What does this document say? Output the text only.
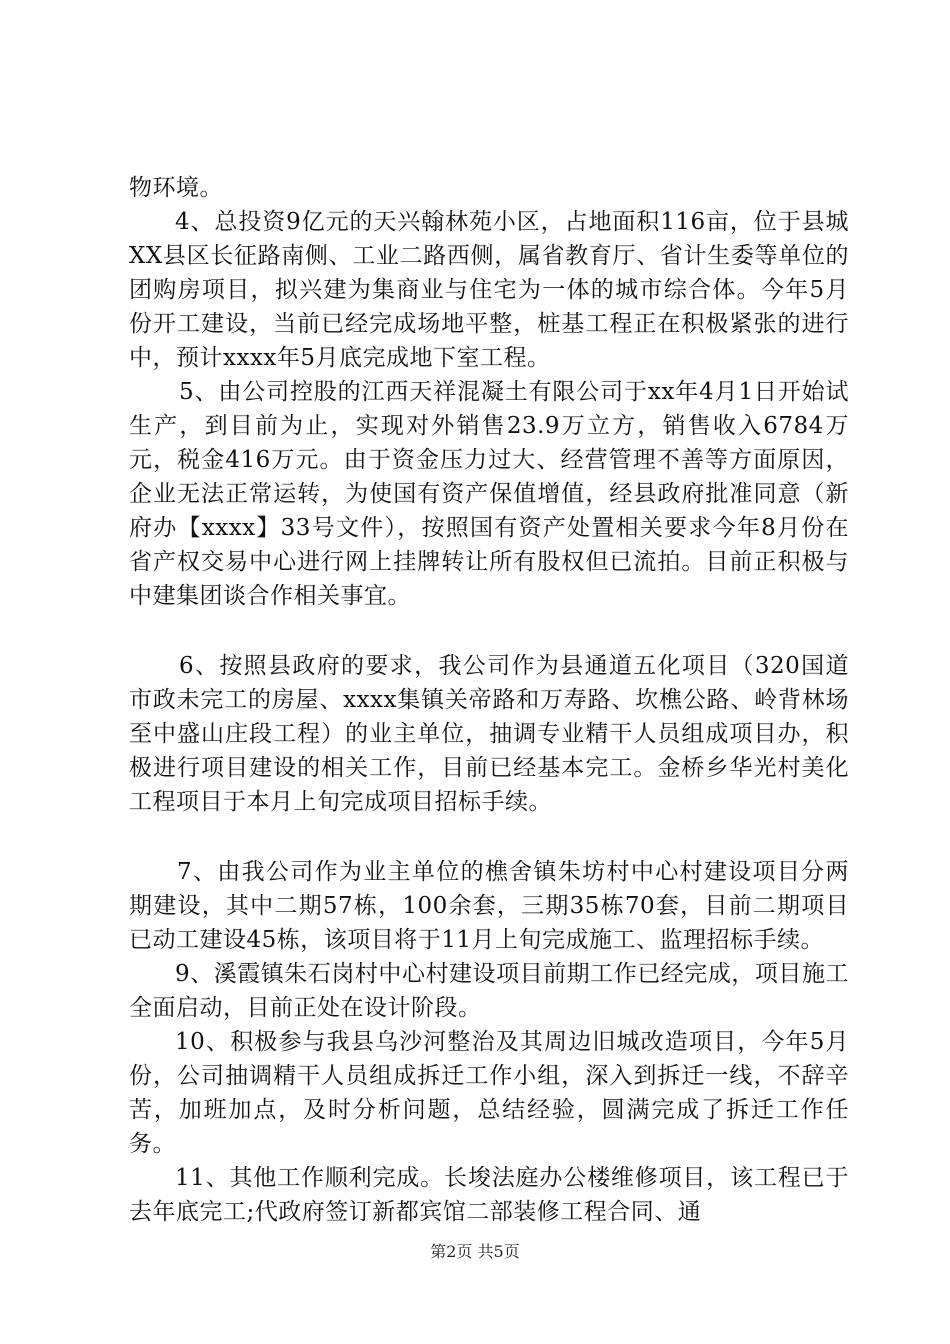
物环境。

4、总投资9亿元的天兴翰林苑小区，占地面积116亩，位于县城XX县区长征路南侧、工业二路西侧，属省教育厅、省计生委等单位的团购房项目，拟兴建为集商业与住宅为一体的城市综合体。今年5月份开工建设，当前已经完成场地平整，桩基工程正在积极紧张的进行中，预计xxxx年5月底完成地下室工程。

5、由公司控股的江西天祥混凝土有限公司于xx年4月1日开始试生产，到目前为止，实现对外销售23.9万立方，销售收入6784万元，税金416万元。由于资金压力过大、经营管理不善等方面原因，企业无法正常运转，为使国有资产保值增值，经县政府批准同意（新府办【xxxx】33号文件），按照国有资产处置相关要求今年8月份在省产权交易中心进行网上挂牌转让所有股权但已流拍。目前正积极与中建集团谈合作相关事宜。

6、按照县政府的要求，我公司作为县通道五化项目（320国道市政未完工的房屋、xxxx集镇关帝路和万寿路、坎樵公路、岭背林场至中盛山庄段工程）的业主单位，抽调专业精干人员组成项目办，积极进行项目建设的相关工作，目前已经基本完工。金桥乡华光村美化工程项目于本月上旬完成项目招标手续。

7、由我公司作为业主单位的樵舍镇朱坊村中心村建设项目分两期建设，其中二期57栋，100余套，三期35栋70套，目前二期项目已动工建设45栋，该项目将于11月上旬完成施工、监理招标手续。

9、溪霞镇朱石岗村中心村建设项目前期工作已经完成，项目施工全面启动，目前正处在设计阶段。

10、积极参与我县乌沙河整治及其周边旧城改造项目，今年5月份，公司抽调精干人员组成拆迁工作小组，深入到拆迁一线，不辞辛苦，加班加点，及时分析问题，总结经验，圆满完成了拆迁工作任务。

11、其他工作顺利完成。长埈法庭办公楼维修项目，该工程已于去年底完工;代政府签订新都宾馆二部装修工程合同、通

第2页 共5页
